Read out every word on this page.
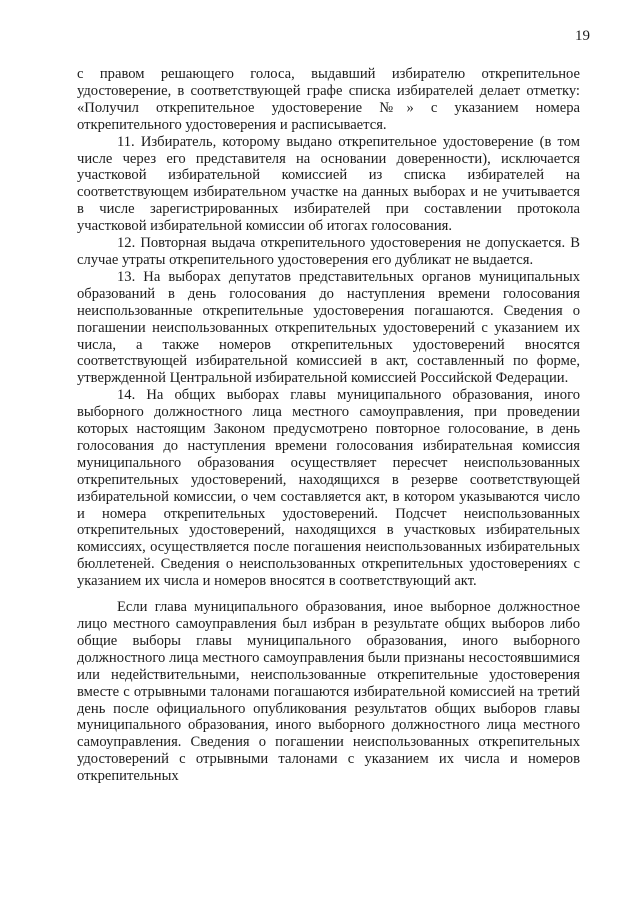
19

с правом решающего голоса, выдавший избирателю открепительное удостоверение, в соответствующей графе списка избирателей делает отметку: «Получил открепительное удостоверение №» с указанием номера открепительного удостоверения и расписывается.

11. Избиратель, которому выдано открепительное удостоверение (в том числе через его представителя на основании доверенности), исключается участковой избирательной комиссией из списка избирателей на соответствующем избирательном участке на данных выборах и не учитывается в числе зарегистрированных избирателей при составлении протокола участковой избирательной комиссии об итогах голосования.

12. Повторная выдача открепительного удостоверения не допускается. В случае утраты открепительного удостоверения его дубликат не выдается.

13. На выборах депутатов представительных органов муниципальных образований в день голосования до наступления времени голосования неиспользованные открепительные удостоверения погашаются. Сведения о погашении неиспользованных открепительных удостоверений с указанием их числа, а также номеров открепительных удостоверений вносятся соответствующей избирательной комиссией в акт, составленный по форме, утвержденной Центральной избирательной комиссией Российской Федерации.

14. На общих выборах главы муниципального образования, иного выборного должностного лица местного самоуправления, при проведении которых настоящим Законом предусмотрено повторное голосование, в день голосования до наступления времени голосования избирательная комиссия муниципального образования осуществляет пересчет неиспользованных открепительных удостоверений, находящихся в резерве соответствующей избирательной комиссии, о чем составляется акт, в котором указываются число и номера открепительных удостоверений. Подсчет неиспользованных открепительных удостоверений, находящихся в участковых избирательных комиссиях, осуществляется после погашения неиспользованных избирательных бюллетеней. Сведения о неиспользованных открепительных удостоверениях с указанием их числа и номеров вносятся в соответствующий акт.

Если глава муниципального образования, иное выборное должностное лицо местного самоуправления был избран в результате общих выборов либо общие выборы главы муниципального образования, иного выборного должностного лица местного самоуправления были признаны несостоявшимися или недействительными, неиспользованные открепительные удостоверения вместе с отрывными талонами погашаются избирательной комиссией на третий день после официального опубликования результатов общих выборов главы муниципального образования, иного выборного должностного лица местного самоуправления. Сведения о погашении неиспользованных открепительных удостоверений с отрывными талонами с указанием их числа и номеров открепительных
